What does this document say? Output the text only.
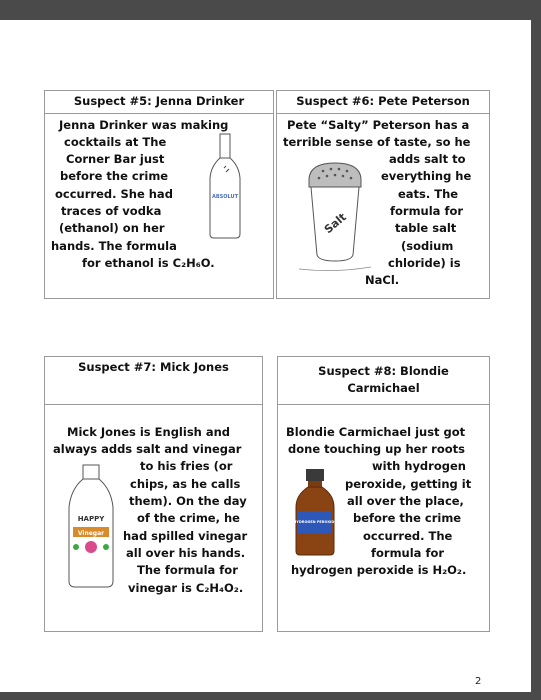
Suspect #5: Jenna Drinker
Jenna Drinker was making
cocktails at The
Corner Bar just
before the crime
occurred. She had
traces of vodka
(ethanol) on her
hands. The formula
for ethanol is C₂H₆O.
ABSOLUT
Suspect #6: Pete Peterson
Pete “Salty” Peterson has a
terrible sense of taste, so he
adds salt to
everything he
eats. The
formula for
table salt
(sodium
chloride) is
NaCl.
Salt
Suspect #7: Mick Jones
Mick Jones is English and
always adds salt and vinegar
to his fries (or
chips, as he calls
them). On the day
of the crime, he
had spilled vinegar
all over his hands.
The formula for
vinegar is C₂H₄O₂.
HAPPY
Vinegar
Suspect #8: Blondie
Carmichael
Blondie Carmichael just got
done touching up her roots
with hydrogen
peroxide, getting it
all over the place,
before the crime
occurred. The
formula for
hydrogen peroxide is H₂O₂.
HYDROGEN PEROXIDE
2
